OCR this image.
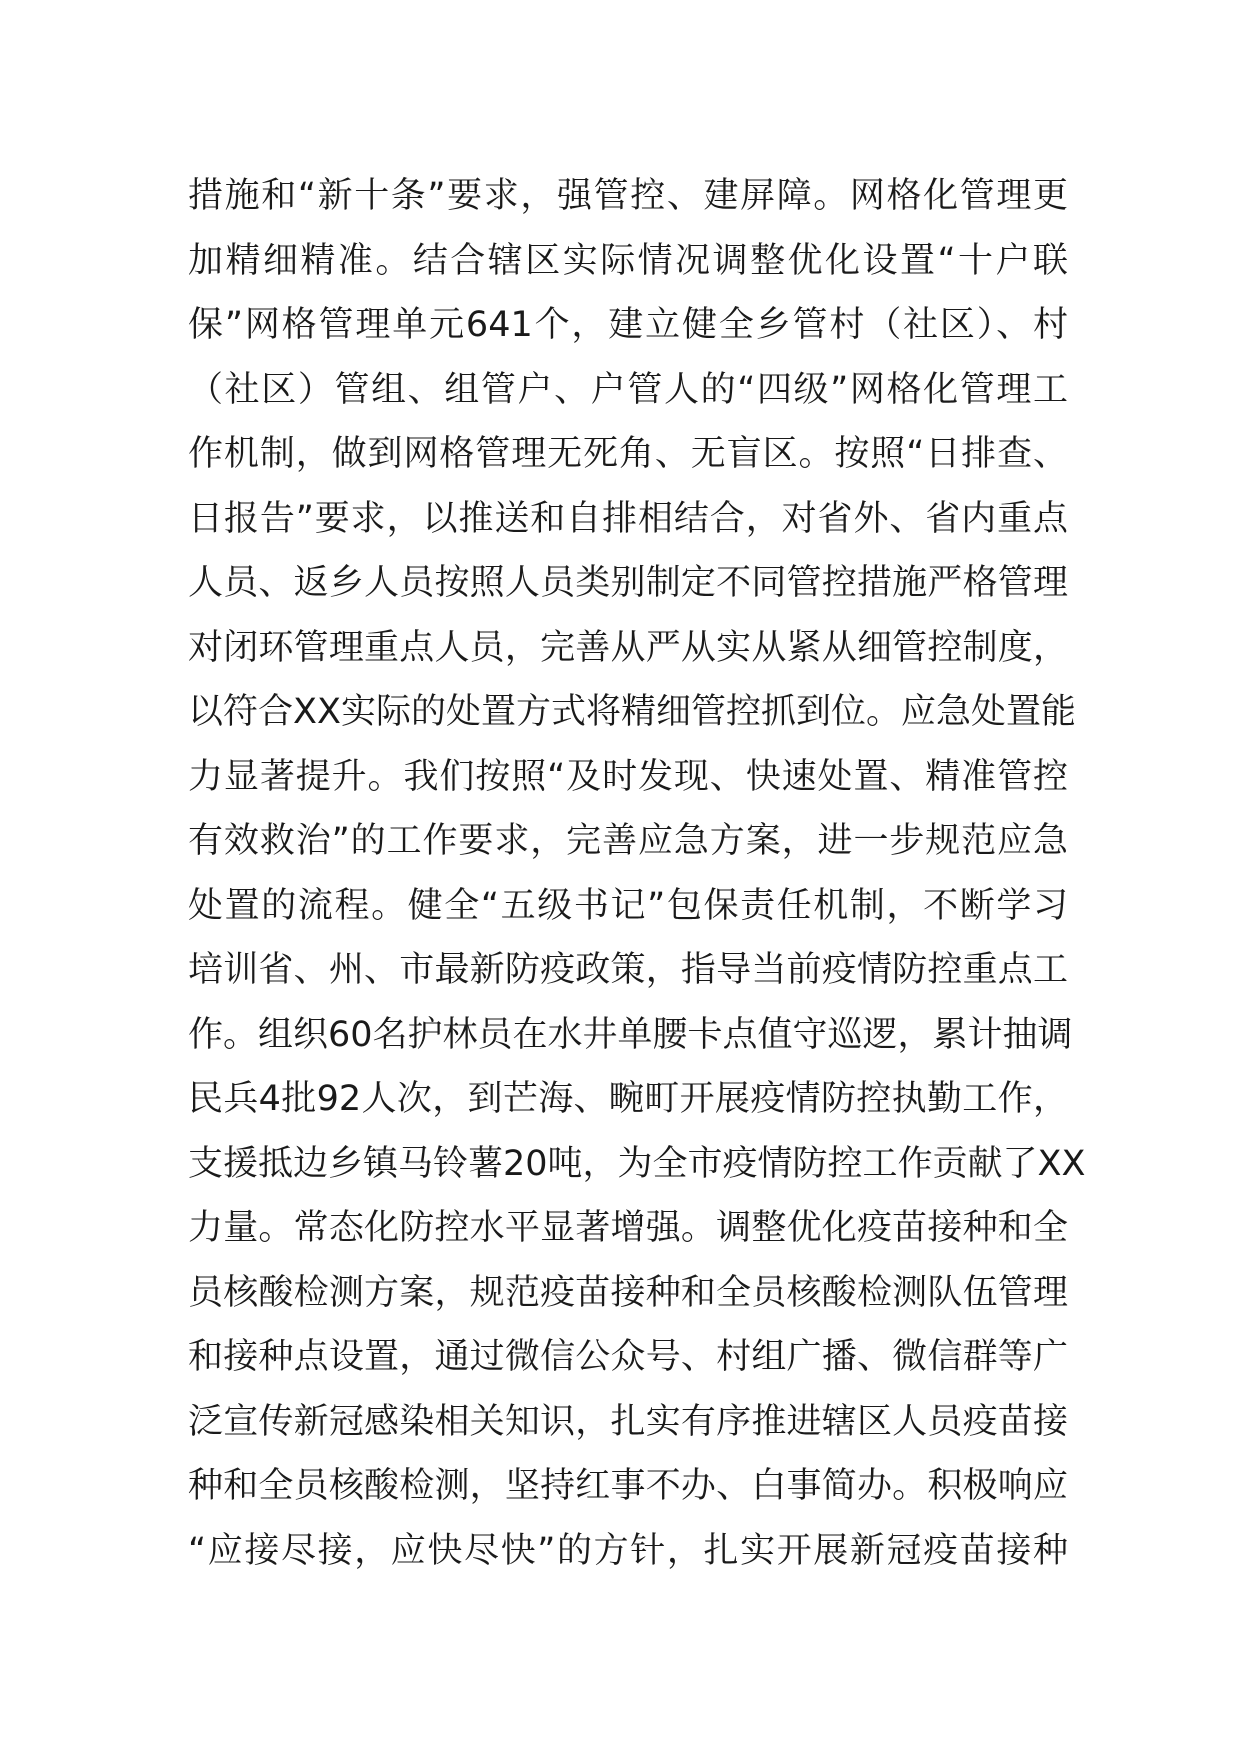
措施和“新十条”要求，强管控、建屏障。网格化管理更
加精细精准。结合辖区实际情况调整优化设置“十户联
保”网格管理单元641个，建立健全乡管村（社区）、村
（社区）管组、组管户、户管人的“四级”网格化管理工
作机制，做到网格管理无死角、无盲区。按照“日排查、
日报告”要求，以推送和自排相结合，对省外、省内重点
人员、返乡人员按照人员类别制定不同管控措施严格管理
对闭环管理重点人员，完善从严从实从紧从细管控制度，
以符合XX实际的处置方式将精细管控抓到位。应急处置能
力显著提升。我们按照“及时发现、快速处置、精准管控
有效救治”的工作要求，完善应急方案，进一步规范应急
处置的流程。健全“五级书记”包保责任机制，不断学习
培训省、州、市最新防疫政策，指导当前疫情防控重点工
作。组织60名护林员在水井单腰卡点值守巡逻，累计抽调
民兵4批92人次，到芒海、畹町开展疫情防控执勤工作，
支援抵边乡镇马铃薯20吨，为全市疫情防控工作贡献了XX
力量。常态化防控水平显著增强。调整优化疫苗接种和全
员核酸检测方案，规范疫苗接种和全员核酸检测队伍管理
和接种点设置，通过微信公众号、村组广播、微信群等广
泛宣传新冠感染相关知识，扎实有序推进辖区人员疫苗接
种和全员核酸检测，坚持红事不办、白事简办。积极响应
“应接尽接，应快尽快”的方针，扎实开展新冠疫苗接种
